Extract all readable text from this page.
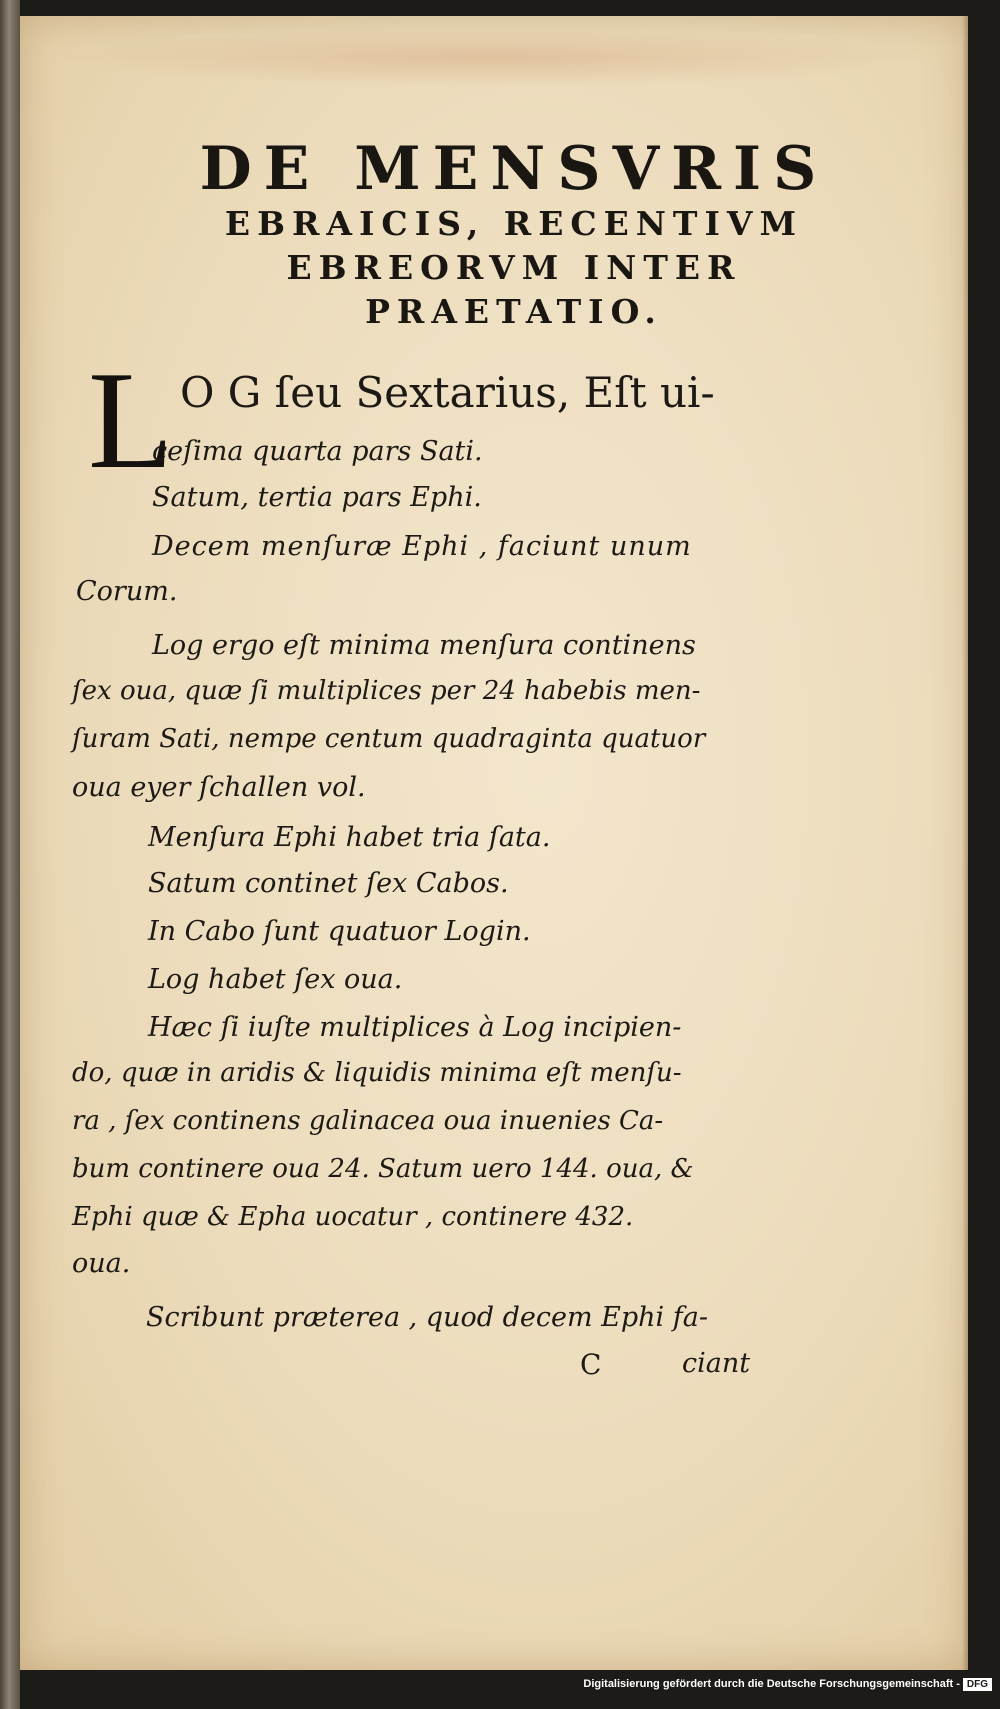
DE MENSVRIS
EBRAICIS, RECENTIVM
EBREORVM INTER
PRAETATIO.
L O G ſeu Sextarius, Eſt ui-
ceſima quarta pars Sati.
Satum, tertia pars Ephi.
Decem menſuræ Ephi , faciunt unum
Corum.
Log ergo eſt minima menſura continens
ſex oua, quæ ſi multiplices per 24 habebis men-
ſuram Sati, nempe centum quadraginta quatuor
oua eyer ſchallen vol.
Menſura Ephi habet tria ſata.
Satum continet ſex Cabos.
In Cabo ſunt quatuor Login.
Log habet ſex oua.
Hæc ſi iuſte multiplices à Log incipien-
do, quæ in aridis & liquidis minima eſt menſu-
ra , ſex continens galinacea oua inuenies Ca-
bum continere oua 24. Satum uero 144. oua, &
Ephi quæ & Epha uocatur , continere 432.
oua.
Scribunt præterea , quod decem Ephi fa-
C	ciant
Digitalisierung gefördert durch die Deutsche Forschungsgemeinschaft - DFG
